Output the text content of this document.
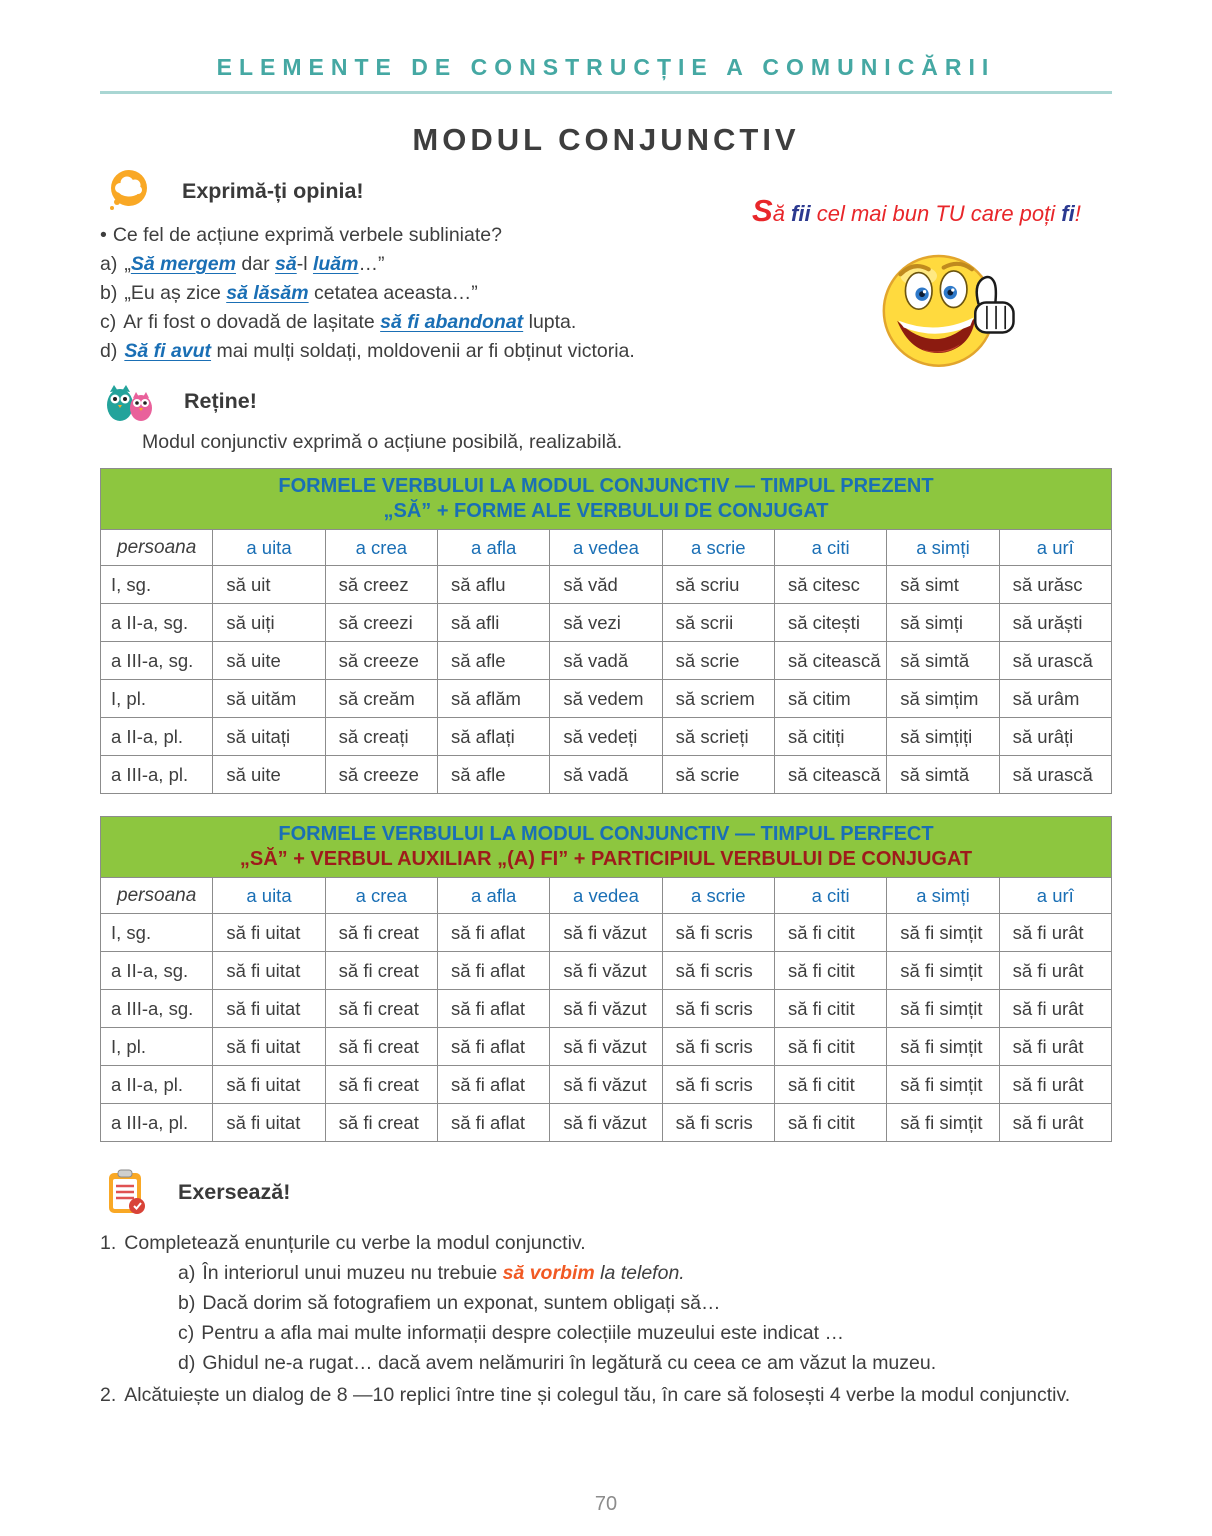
ELEMENTE DE CONSTRUCȚIE A COMUNICĂRII
MODUL CONJUNCTIV
Exprimă-ți opinia!
• Ce fel de acțiune exprimă verbele subliniate?
a) „Să mergem dar să-l luăm…”
b) „Eu aș zice să lăsăm cetatea aceasta…”
c) Ar fi fost o dovadă de lașitate să fi abandonat lupta.
d) Să fi avut mai mulți soldați, moldovenii ar fi obținut victoria.
Să fii cel mai bun TU care poți fi!
Reține!

Modul conjunctiv exprimă o acțiune posibilă, realizabilă.

FORMELE VERBULUI LA MODUL CONJUNCTIV — TIMPUL PREZENT
„SĂ” + FORME ALE VERBULUI DE CONJUGAT								

persoana	a uita	a crea	a afla	a vedea	a scrie	a citi	a simți	a urî
I, sg.	să uit	să creez	să aflu	să văd	să scriu	să citesc	să simt	să urăsc
a II-a, sg.	să uiți	să creezi	să afli	să vezi	să scrii	să citești	să simți	să urăști
a III-a, sg.	să uite	să creeze	să afle	să vadă	să scrie	să citească	să simtă	să urască
I, pl.	să uităm	să creăm	să aflăm	să vedem	să scriem	să citim	să simțim	să urâm
a II-a, pl.	să uitați	să creați	să aflați	să vedeți	să scrieți	să citiți	să simțiți	să urâți
a III-a, pl.	să uite	să creeze	să afle	să vadă	să scrie	să citească	să simtă	să urască
FORMELE VERBULUI LA MODUL CONJUNCTIV — TIMPUL PERFECT
„SĂ” + VERBUL AUXILIAR „(A) FI” + PARTICIPIUL VERBULUI DE CONJUGAT								

persoana	a uita	a crea	a afla	a vedea	a scrie	a citi	a simți	a urî
I, sg.	să fi uitat	să fi creat	să fi aflat	să fi văzut	să fi scris	să fi citit	să fi simțit	să fi urât
a II-a, sg.	să fi uitat	să fi creat	să fi aflat	să fi văzut	să fi scris	să fi citit	să fi simțit	să fi urât
a III-a, sg.	să fi uitat	să fi creat	să fi aflat	să fi văzut	să fi scris	să fi citit	să fi simțit	să fi urât
I, pl.	să fi uitat	să fi creat	să fi aflat	să fi văzut	să fi scris	să fi citit	să fi simțit	să fi urât
a II-a, pl.	să fi uitat	să fi creat	să fi aflat	să fi văzut	să fi scris	să fi citit	să fi simțit	să fi urât
a III-a, pl.	să fi uitat	să fi creat	să fi aflat	să fi văzut	să fi scris	să fi citit	să fi simțit	să fi urât
Exersează!
1. Completează enunțurile cu verbe la modul conjunctiv.
a) În interiorul unui muzeu nu trebuie să vorbim la telefon.
b) Dacă dorim să fotografiem un exponat, suntem obligați să…
c) Pentru a afla mai multe informații despre colecțiile muzeului este indicat …
d) Ghidul ne-a rugat… dacă avem nelămuriri în legătură cu ceea ce am văzut la muzeu.
2. Alcătuiește un dialog de 8 —10 replici între tine și colegul tău, în care să folosești 4 verbe la modul conjunctiv.
70
